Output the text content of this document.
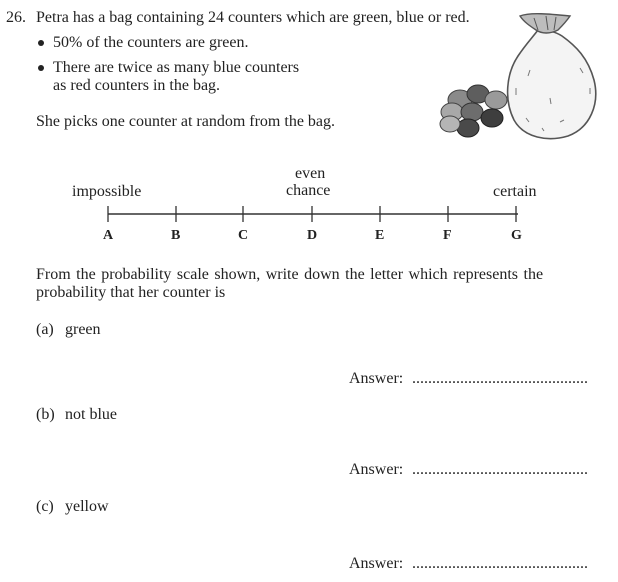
26. Petra has a bag containing 24 counters which are green, blue or red.
50% of the counters are green.
There are twice as many blue counters
as red counters in the bag.
She picks one counter at random from the bag.
impossible
even
chance	certain
A	B	C	D	E	F	G
From the probability scale shown, write down the letter which represents the
probability that her counter is
(a) green
Answer: ............................................
(b) not blue
Answer: ............................................
(c) yellow
Answer: ............................................
